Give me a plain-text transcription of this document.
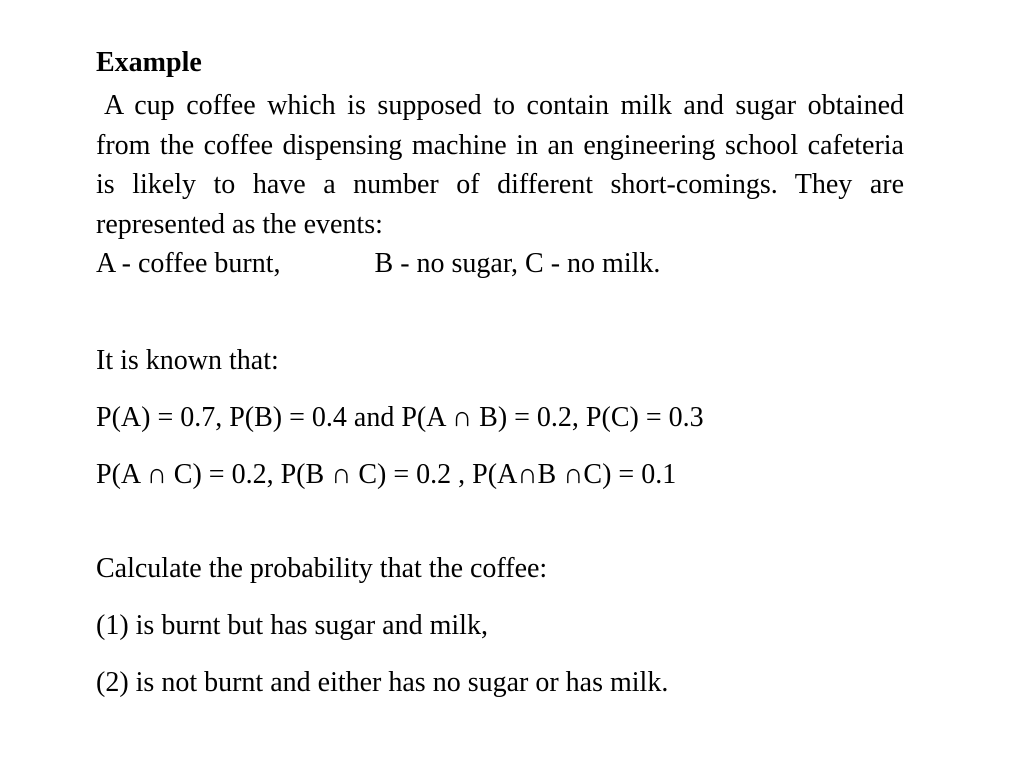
Example

A cup coffee which is supposed to contain milk and sugar obtained from the coffee dispensing machine in an engineering school cafeteria is likely to have a number of different short-comings. They are represented as the events:

A - coffee burnt,	B - no sugar, C - no milk.

It is known that:

P(A) = 0.7, P(B) = 0.4 and P(A ∩ B) = 0.2, P(C) = 0.3

P(A ∩ C) = 0.2, P(B ∩ C) = 0.2 , P(A∩B ∩C) = 0.1

Calculate the probability that the coffee:

(1) is burnt but has sugar and milk,

(2) is not burnt and either has no sugar or has milk.
